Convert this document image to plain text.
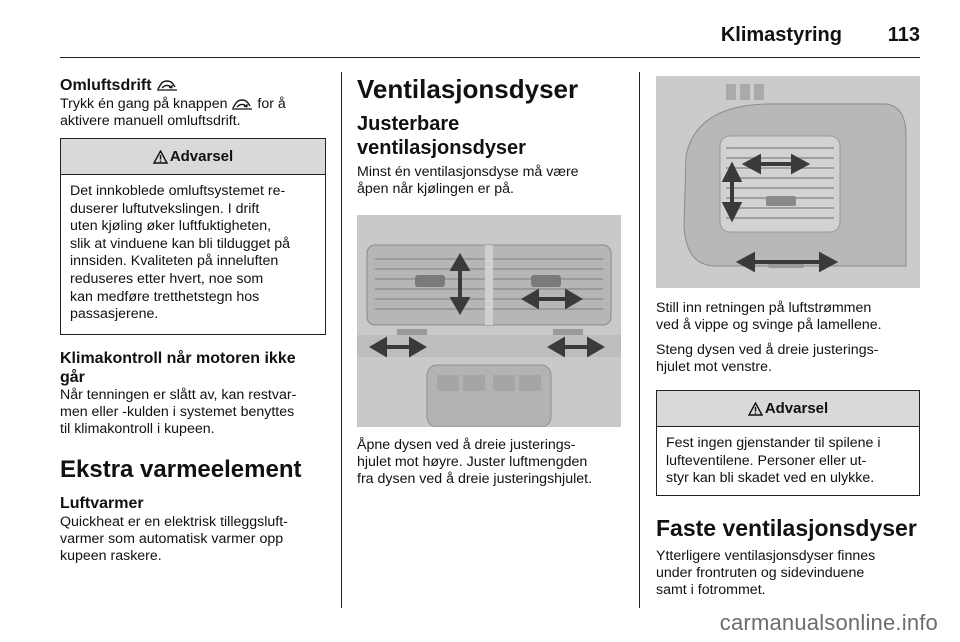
Klimastyring 113
Omluftsdrift
Trykk én gang på knappen for å
aktivere manuell omluftsdrift.
Advarsel
Det innkoblede omluftsystemet re-
duserer luftutvekslingen. I drift
uten kjøling øker luftfuktigheten,
slik at vinduene kan bli tildugget på
innsiden. Kvaliteten på inneluften
reduseres etter hvert, noe som
kan medføre tretthetstegn hos
passasjerene.
Klimakontroll når motoren ikke
går
Når tenningen er slått av, kan restvar-
men eller -kulden i systemet benyttes
til klimakontroll i kupeen.
Ekstra varmeelement
Luftvarmer
Quickheat er en elektrisk tilleggsluft-
varmer som automatisk varmer opp
kupeen raskere.
Ventilasjonsdyser
Justerbare
ventilasjonsdyser
Minst én ventilasjonsdyse må være
åpen når kjølingen er på.
Åpne dysen ved å dreie justerings-
hjulet mot høyre. Juster luftmengden
fra dysen ved å dreie justeringshjulet.
Still inn retningen på luftstrømmen
ved å vippe og svinge på lamellene.
Steng dysen ved å dreie justerings-
hjulet mot venstre.
Advarsel
Fest ingen gjenstander til spilene i
lufteventilene. Personer eller ut-
styr kan bli skadet ved en ulykke.
Faste ventilasjonsdyser
Ytterligere ventilasjonsdyser finnes
under frontruten og sidevinduene
samt i fotrommet.
carmanualsonline.info
